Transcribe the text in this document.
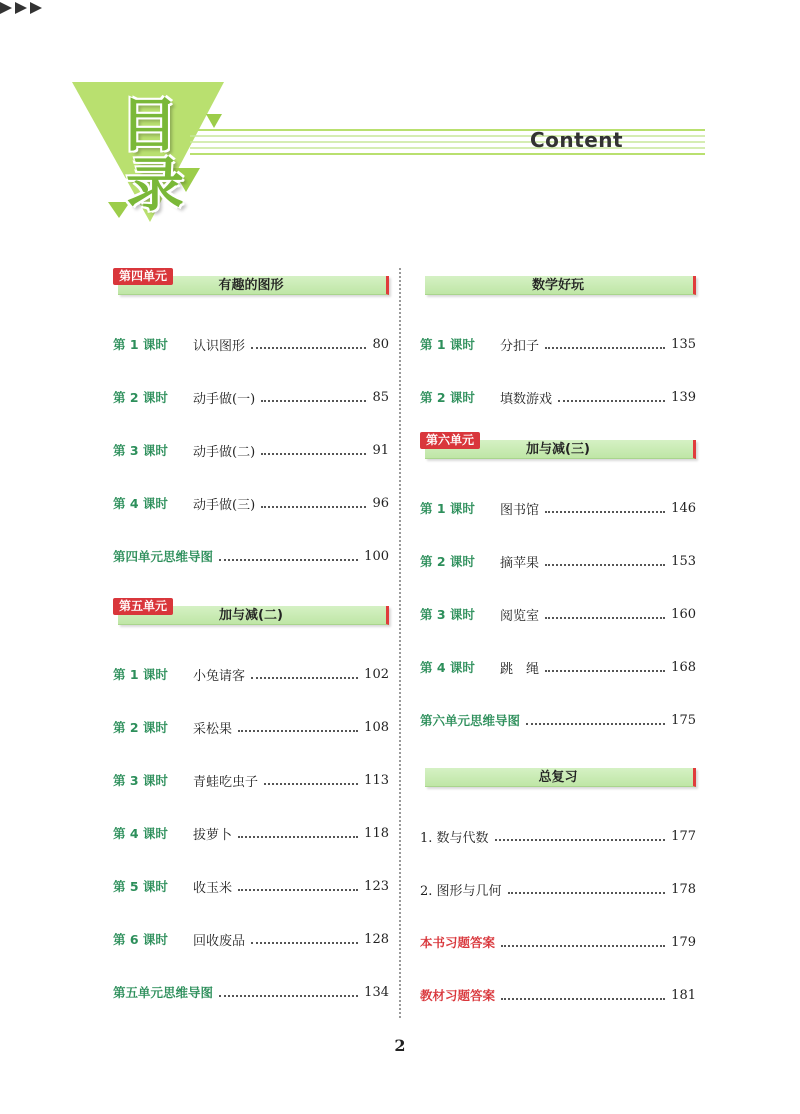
目
录
Content
第四单元
有趣的图形
第 1 课时	认识图形	80
第 2 课时	动手做(一)	85
第 3 课时	动手做(二)	91
第 4 课时	动手做(三)	96
第四单元思维导图	100
第五单元
加与减(二)
第 1 课时	小兔请客	102
第 2 课时	采松果	108
第 3 课时	青蛙吃虫子	113
第 4 课时	拔萝卜	118
第 5 课时	收玉米	123
第 6 课时	回收废品	128
第五单元思维导图	134
数学好玩
第 1 课时	分扣子	135
第 2 课时	填数游戏	139
第六单元
加与减(三)
第 1 课时	图书馆	146
第 2 课时	摘苹果	153
第 3 课时	阅览室	160
第 4 课时	跳　绳	168
第六单元思维导图	175
总复习
1. 数与代数	177
2. 图形与几何	178
本书习题答案	179
教材习题答案	181
2
